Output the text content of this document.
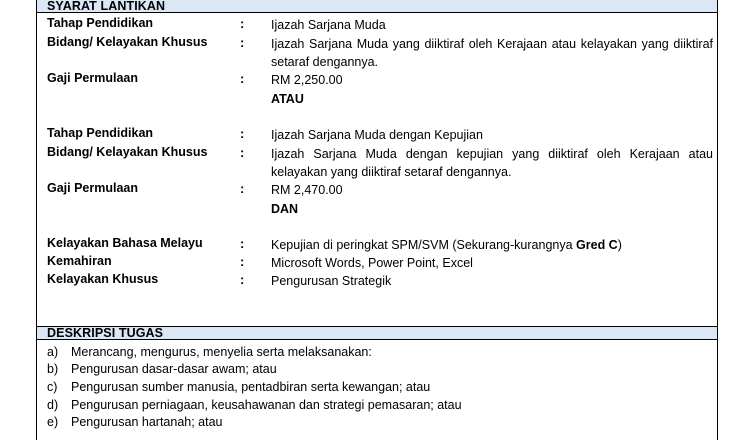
SYARAT LANTIKAN
Tahap Pendidikan	: Ijazah Sarjana Muda
Bidang/ Kelayakan Khusus	: Ijazah Sarjana Muda yang diiktiraf oleh Kerajaan atau kelayakan yang diiktiraf setaraf dengannya.
Gaji Permulaan	: RM 2,250.00
ATAU
Tahap Pendidikan	: Ijazah Sarjana Muda dengan Kepujian
Bidang/ Kelayakan Khusus	: Ijazah Sarjana Muda dengan kepujian yang diiktiraf oleh Kerajaan atau kelayakan yang diiktiraf setaraf dengannya.
Gaji Permulaan	: RM 2,470.00
DAN
Kelayakan Bahasa Melayu	: Kepujian di peringkat SPM/SVM (Sekurang-kurangnya Gred C)
Kemahiran	: Microsoft Words, Power Point, Excel
Kelayakan Khusus	: Pengurusan Strategik
DESKRIPSI TUGAS
a) Merancang, mengurus, menyelia serta melaksanakan:
b) Pengurusan dasar-dasar awam; atau
c) Pengurusan sumber manusia, pentadbiran serta kewangan; atau
d) Pengurusan perniagaan, keusahawanan dan strategi pemasaran; atau
e) Pengurusan hartanah; atau
